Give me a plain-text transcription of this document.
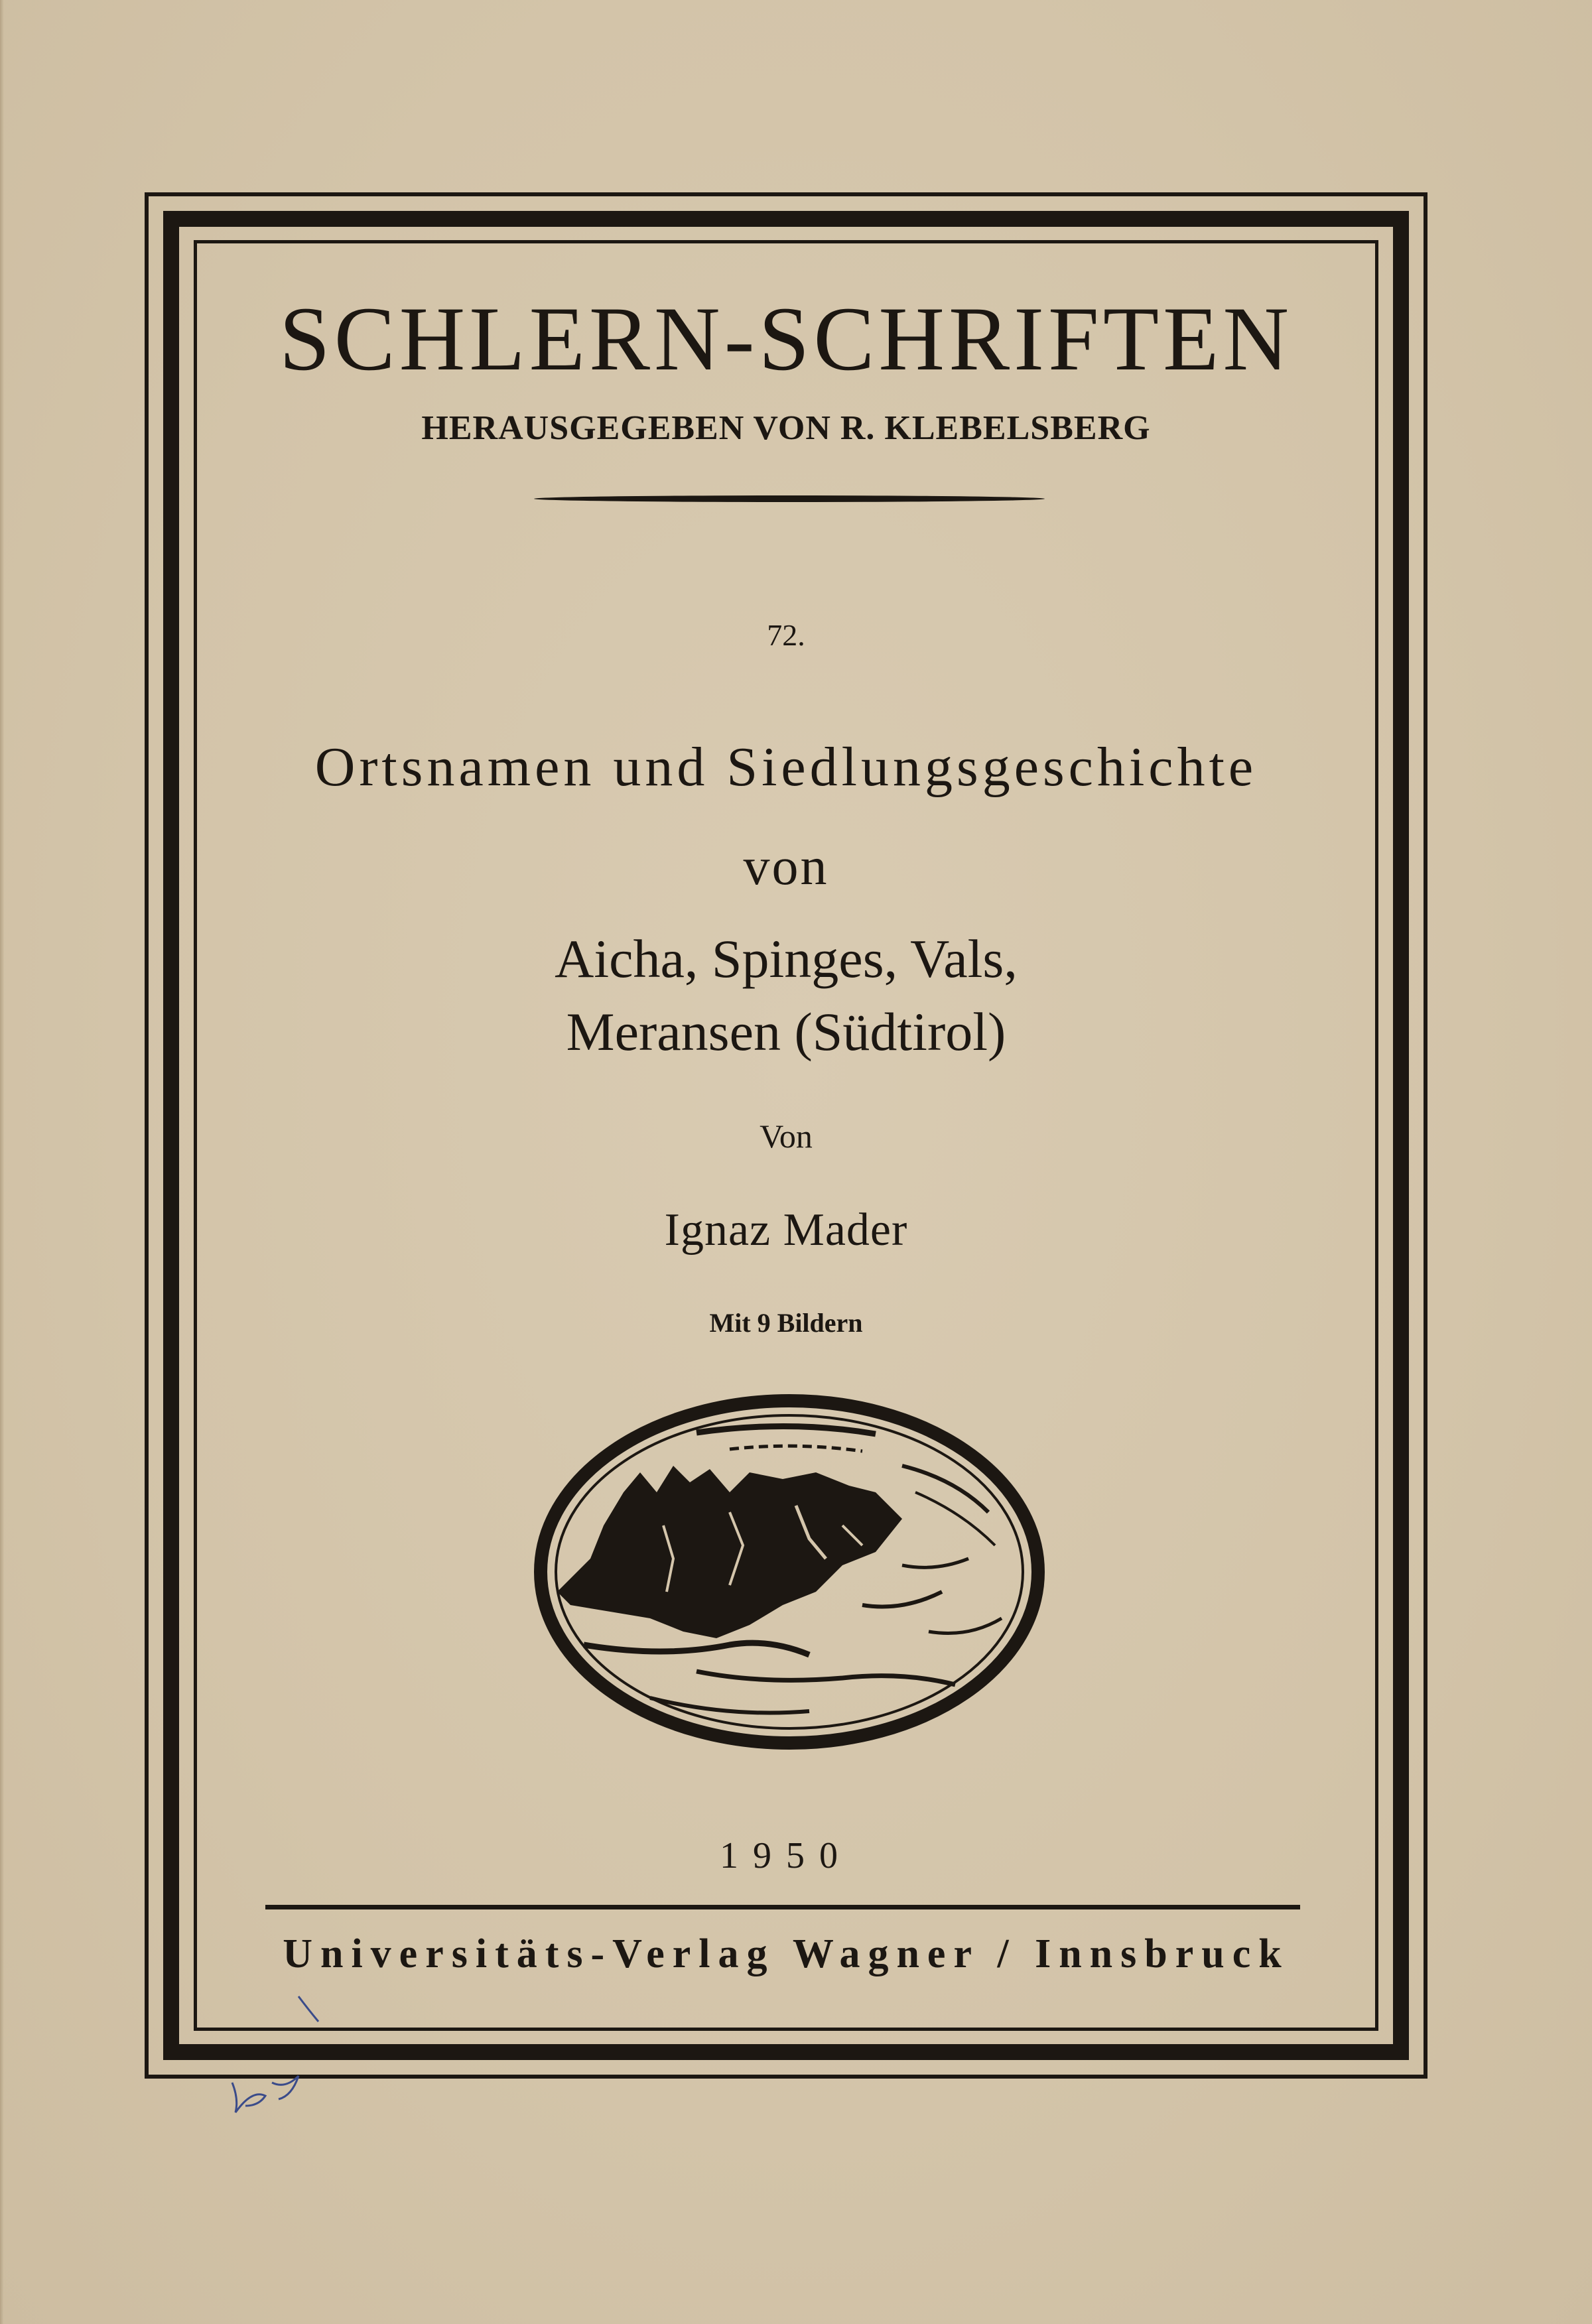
SCHLERN-SCHRIFTEN
HERAUSGEGEBEN VON R. KLEBELSBERG
72.
Ortsnamen und Siedlungsgeschichte
von
Aicha, Spinges, Vals,
Meransen (Südtirol)
Von
Ignaz Mader
Mit 9 Bildern
1950
Universitäts-Verlag Wagner / Innsbruck
